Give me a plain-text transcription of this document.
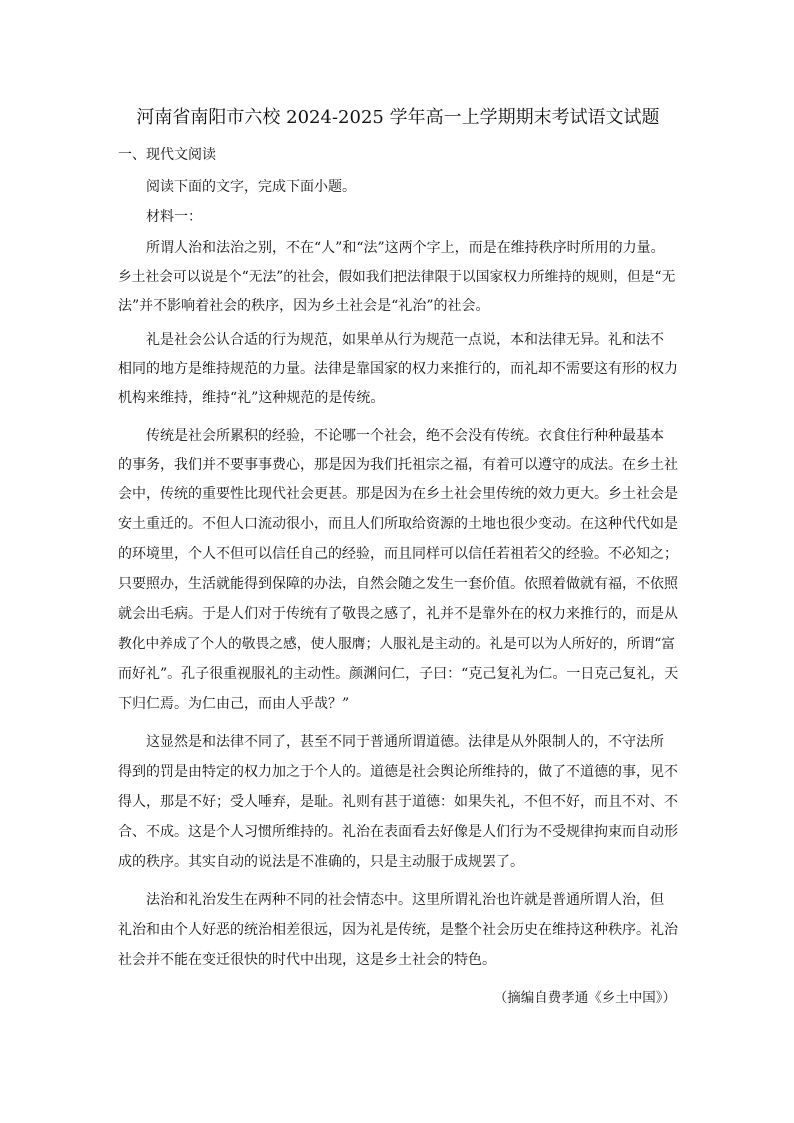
河南省南阳市六校 2024-2025 学年高一上学期期末考试语文试题
一、现代文阅读
阅读下面的文字，完成下面小题。
材料一：
所谓人治和法治之别，不在“人”和“法”这两个字上，而是在维持秩序时所用的力量。
乡土社会可以说是个“无法”的社会，假如我们把法律限于以国家权力所维持的规则，但是“无
法”并不影响着社会的秩序，因为乡土社会是“礼治”的社会。
礼是社会公认合适的行为规范，如果单从行为规范一点说，本和法律无异。礼和法不
相同的地方是维持规范的力量。法律是靠国家的权力来推行的，而礼却不需要这有形的权力
机构来维持，维持“礼”这种规范的是传统。
传统是社会所累积的经验，不论哪一个社会，绝不会没有传统。衣食住行种种最基本
的事务，我们并不要事事费心，那是因为我们托祖宗之福，有着可以遵守的成法。在乡土社
会中，传统的重要性比现代社会更甚。那是因为在乡土社会里传统的效力更大。乡土社会是
安土重迁的。不但人口流动很小，而且人们所取给资源的土地也很少变动。在这种代代如是
的环境里，个人不但可以信任自己的经验，而且同样可以信任若祖若父的经验。不必知之；
只要照办，生活就能得到保障的办法，自然会随之发生一套价值。依照着做就有福，不依照
就会出毛病。于是人们对于传统有了敬畏之感了，礼并不是靠外在的权力来推行的，而是从
教化中养成了个人的敬畏之感，使人服膺；人服礼是主动的。礼是可以为人所好的，所谓“富
而好礼”。孔子很重视服礼的主动性。颜渊问仁，子曰：“克己复礼为仁。一日克己复礼，天
下归仁焉。为仁由己，而由人乎哉？”
这显然是和法律不同了，甚至不同于普通所谓道德。法律是从外限制人的，不守法所
得到的罚是由特定的权力加之于个人的。道德是社会舆论所维持的，做了不道德的事，见不
得人，那是不好；受人唾弃，是耻。礼则有甚于道德：如果失礼，不但不好，而且不对、不
合、不成。这是个人习惯所维持的。礼治在表面看去好像是人们行为不受规律拘束而自动形
成的秩序。其实自动的说法是不准确的，只是主动服于成规罢了。
法治和礼治发生在两种不同的社会情态中。这里所谓礼治也许就是普通所谓人治，但
礼治和由个人好恶的统治相差很远，因为礼是传统，是整个社会历史在维持这种秩序。礼治
社会并不能在变迁很快的时代中出现，这是乡土社会的特色。
（摘编自费孝通《乡土中国》）
